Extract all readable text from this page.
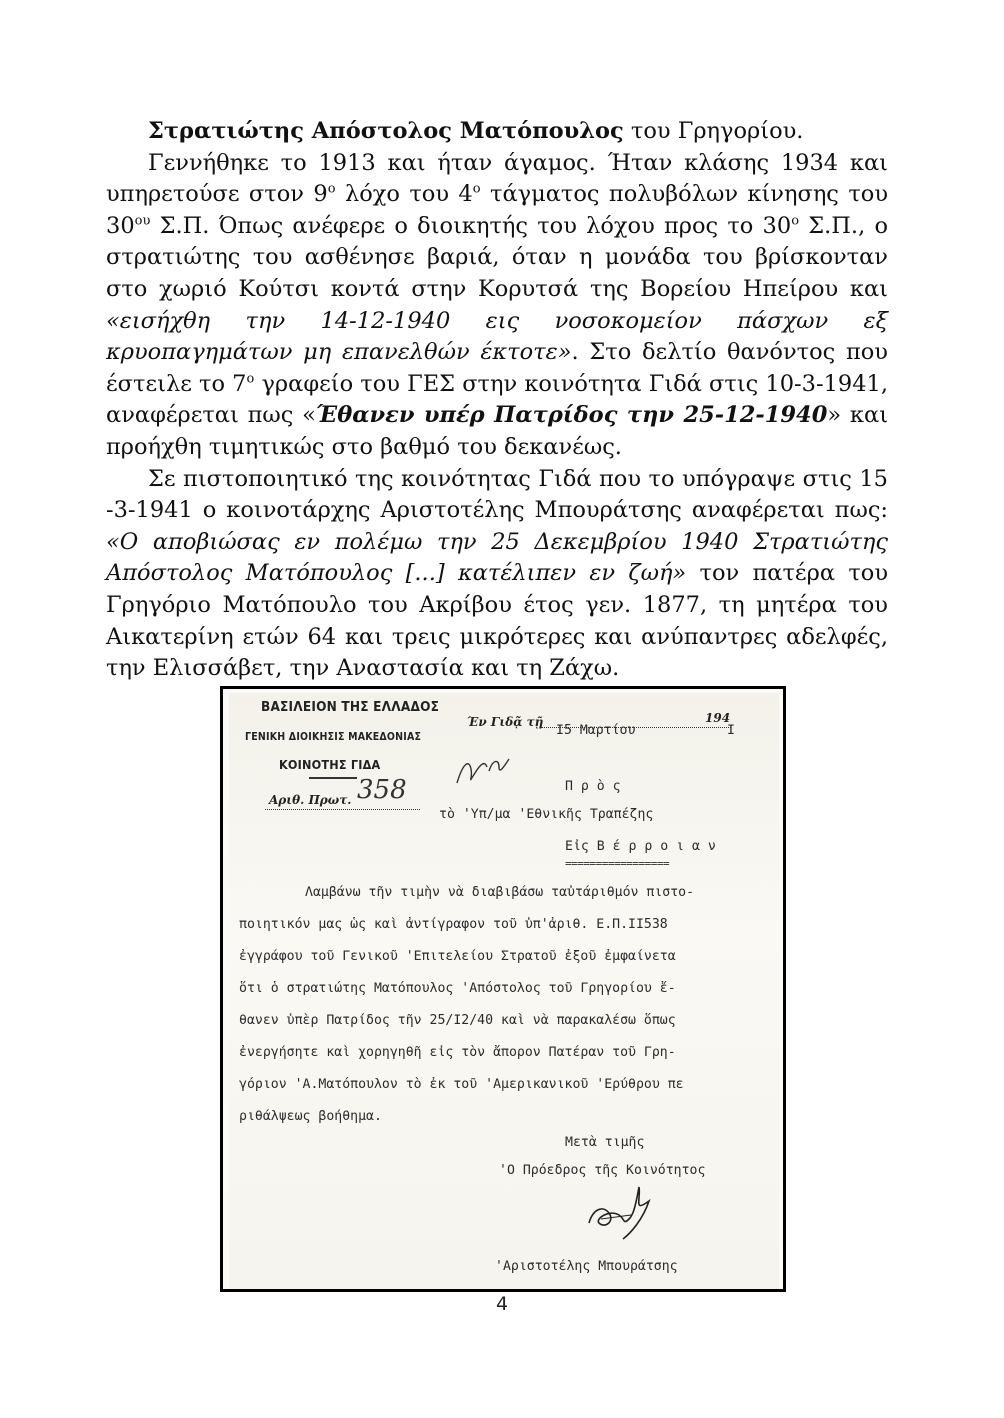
Στρατιώτης Απόστολος Ματόπουλος του Γρηγορίου.

Γεννήθηκε το 1913 και ήταν άγαμος. Ήταν κλάσης 1934 και υπηρετούσε στον $9^o$ λόχο του $4^o$ τάγματος πολυβόλων κίνησης του $30^{o\upsilon}$ Σ.Π. Όπως ανέφερε ο διοικητής του λόχου προς το $30^o$ Σ.Π., ο στρατιώτης του ασθένησε βαριά, όταν η μονάδα του βρίσκονταν στο χωριό Κούτσι κοντά στην Κορυτσά της Βορείου Ηπείρου και «εισήχθη την 14-12-1940 εις νοσοκομείον πάσχων εξ κρυοπαγημάτων μη επανελθών έκτοτε». Στο δελτίο θανόντος που έστειλε το $7^o$ γραφείο του ΓΕΣ στην κοινότητα Γιδά στις 10-3-1941, αναφέρεται πως «Έθανεν υπέρ Πατρίδος την 25-12-1940» και προήχθη τιμητικώς στο βαθμό του δεκανέως.

Σε πιστοποιητικό της κοινότητας Γιδά που το υπόγραψε στις 15 -3-1941 ο κοινοτάρχης Αριστοτέλης Μπουράτσης αναφέρεται πως: «Ο αποβιώσας εν πολέμω την 25 Δεκεμβρίου 1940 Στρατιώτης Απόστολος Ματόπουλος [...] κατέλιπεν εν ζωή» τον πατέρα του Γρηγόριο Ματόπουλο του Ακρίβου έτος γεν. 1877, τη μητέρα του Αικατερίνη ετών 64 και τρεις μικρότερες και ανύπαντρες αδελφές, την Ελισσάβετ, την Αναστασία και τη Ζάχω.

ΒΑΣΙΛΕΙΟΝ ΤΗΣ ΕΛΛΑΔΟΣ
ΓΕΝΙΚΗ ΔΙΟΙΚΗΣΙΣ ΜΑΚΕΔΟΝΙΑΣ
ΚΟΙΝΟΤΗΣ ΓΙΔΑ
Αριθ. Πρωτ. 358
Έν Γιδᾷ τῇ
Ι5 Μαρτίου
194
Ι
Π ρ ὸ ς
τὸ 'Υπ/μα 'Εθνικῆς Τραπέζης
Εἰς Β έ ρ ρ ο ι α ν
=================
Λαμβάνω τῆν τιμὴν νὰ διαβιβάσω ταὐτάριθμόν πιστο-
ποιητικόν μας ὡς καὶ ἀντίγραφον τοῦ ὑπ'ἀριθ. Ε.Π.ΙΙ538
ἐγγράφου τοῦ Γενικοῦ 'Επιτελείου Στρατοῦ ἐξοῦ ἐμφαίνετα
ὅτι ὁ στρατιώτης Ματόπουλος 'Απόστολος τοῦ Γρηγορίου ἔ-
θανεν ὑπὲρ Πατρίδος τῆν 25/Ι2/40 καὶ νὰ παρακαλέσω ὅπως
ἐνεργήσητε καὶ χορηγηθῆ εἰς τὸν ἄπορον Πατέραν τοῦ Γρη-
γόριον 'Α.Ματόπουλον τὸ ἐκ τοῦ 'Αμερικανικοῦ 'Ερύθρου πε
ριθάλψεως βοήθημα.
Μετὰ τιμῆς
'Ο Πρόεδρος τῆς Κοινότητος
'Αριστοτέλης Μπουράτσης
4
